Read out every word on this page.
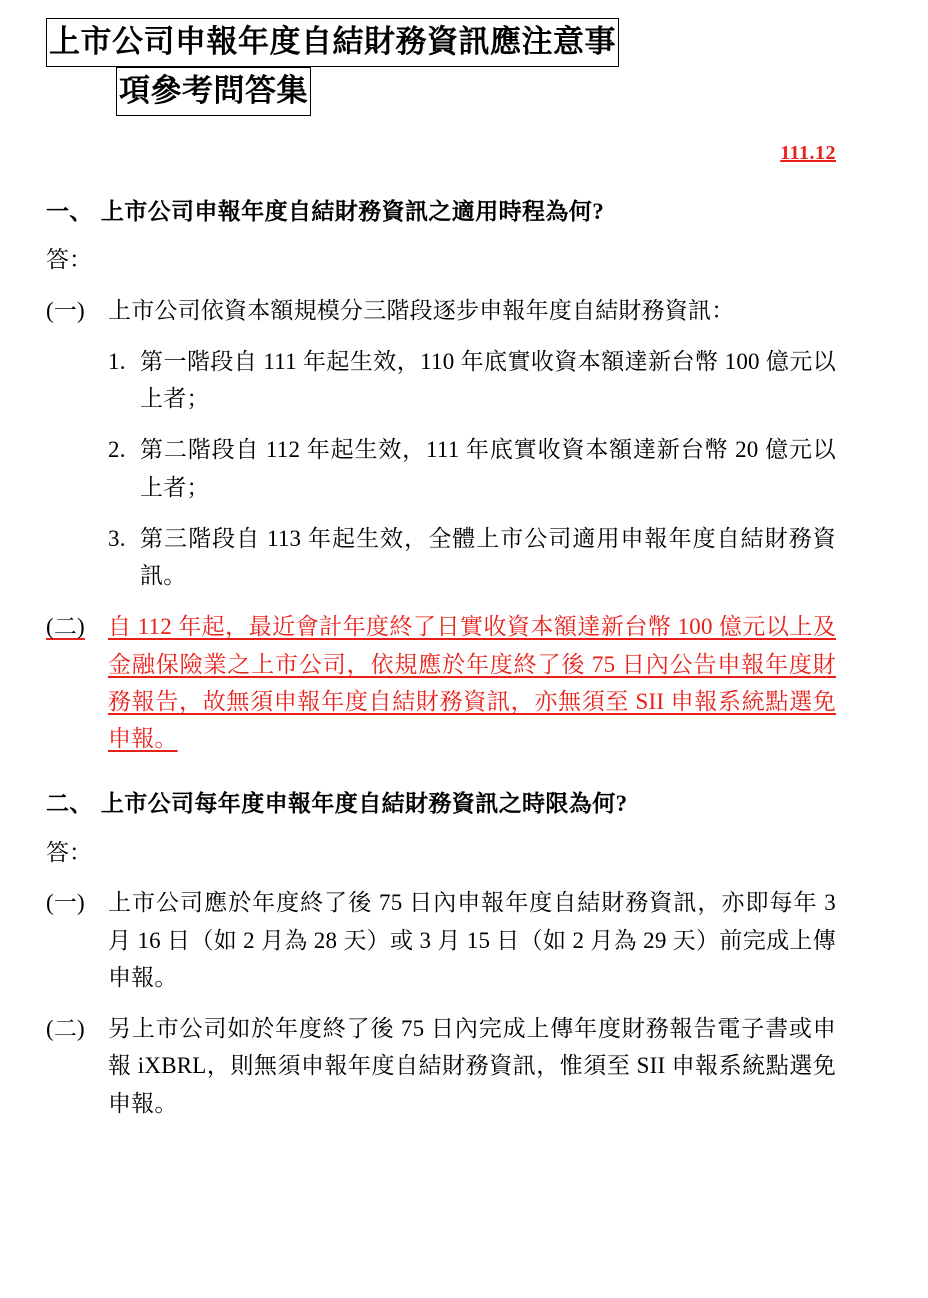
上市公司申報年度自結財務資訊應注意事
項參考問答集
111.12
一、 上市公司申報年度自結財務資訊之適用時程為何?
答：
(一)	上市公司依資本額規模分三階段逐步申報年度自結財務資訊：
1. 第一階段自 111 年起生效，110 年底實收資本額達新台幣 100 億元以上者；
2. 第二階段自 112 年起生效，111 年底實收資本額達新台幣 20 億元以上者；
3. 第三階段自 113 年起生效，全體上市公司適用申報年度自結財務資訊。
(二)	自 112 年起，最近會計年度終了日實收資本額達新台幣 100 億元以上及金融保險業之上市公司，依規應於年度終了後 75 日內公告申報年度財務報告，故無須申報年度自結財務資訊，亦無須至 SII 申報系統點選免申報。
二、 上市公司每年度申報年度自結財務資訊之時限為何?
答：
(一)	上市公司應於年度終了後 75 日內申報年度自結財務資訊，亦即每年 3 月 16 日（如 2 月為 28 天）或 3 月 15 日（如 2 月為 29 天）前完成上傳申報。
(二)	另上市公司如於年度終了後 75 日內完成上傳年度財務報告電子書或申報 iXBRL，則無須申報年度自結財務資訊，惟須至 SII 申報系統點選免申報。
